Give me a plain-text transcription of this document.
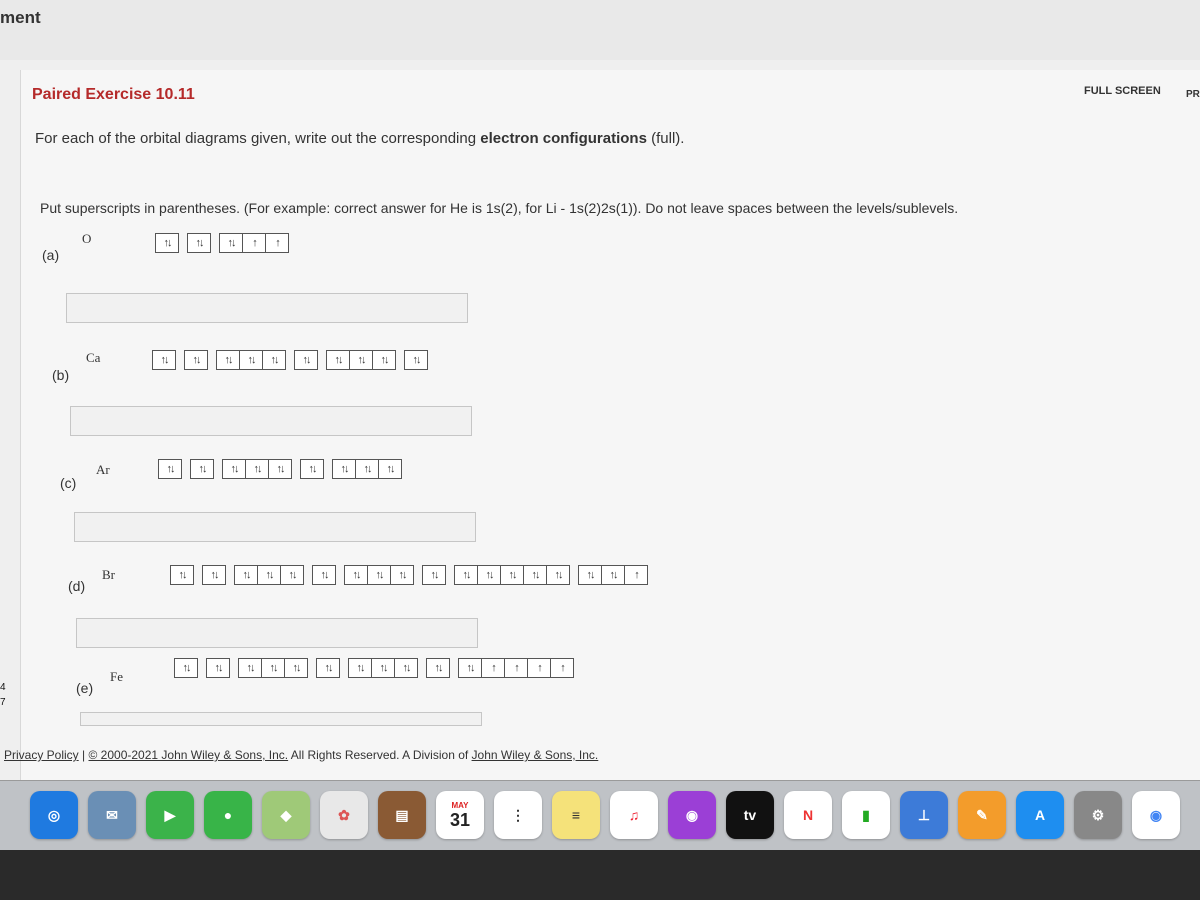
ment
Paired Exercise 10.11	FULL SCREEN	PR
For each of the orbital diagrams given, write out the corresponding electron configurations (full).
Put superscripts in parentheses. (For example: correct answer for He is 1s(2), for Li - 1s(2)2s(1)). Do not leave spaces between the levels/sublevels.
(a)
O	↑↓	↑↓	↑↓	↑	↑
(b)
Ca	↑↓	↑↓	↑↓	↑↓	↑↓	↑↓	↑↓	↑↓	↑↓	↑↓
(c)
Ar	↑↓	↑↓	↑↓	↑↓	↑↓	↑↓	↑↓	↑↓	↑↓
(d)
Br	↑↓	↑↓	↑↓	↑↓	↑↓	↑↓	↑↓	↑↓	↑↓	↑↓	↑↓	↑↓	↑↓	↑↓	↑↓	↑↓	↑↓	↑
(e)
Fe
↑↓	↑↓	↑↓	↑↓	↑↓	↑↓	↑↓	↑↓	↑↓	↑↓	↑↓	↑	↑	↑	↑
4
7
Privacy Policy | © 2000-2021 John Wiley & Sons, Inc. All Rights Reserved. A Division of John Wiley & Sons, Inc.
◎	✉	▶	●	◆	✿	▤
MAY
31	⋮	≡	♫	◉	tv	N	▮	⊥	✎	A	⚙	◉
